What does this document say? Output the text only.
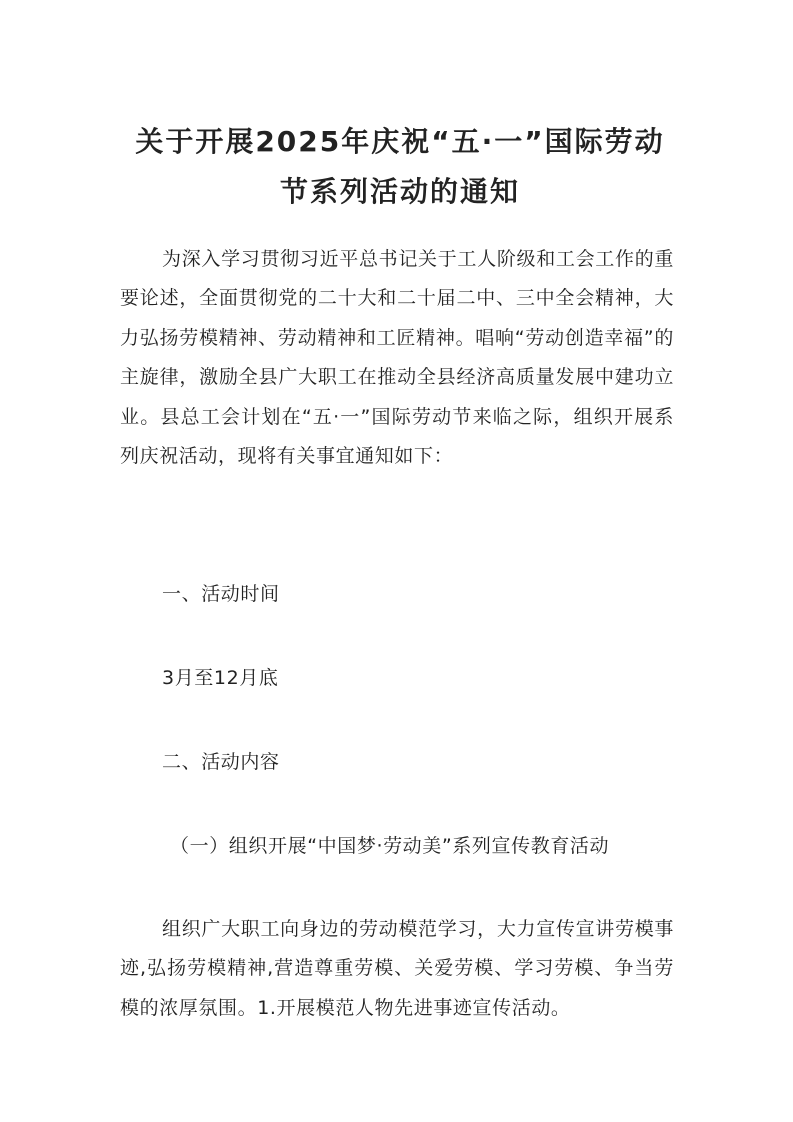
关于开展2025年庆祝“五·一”国际劳动
节系列活动的通知
为深入学习贯彻习近平总书记关于工人阶级和工会工作的重要论述，全面贯彻党的二十大和二十届二中、三中全会精神，大力弘扬劳模精神、劳动精神和工匠精神。唱响“劳动创造幸福”的主旋律，激励全县广大职工在推动全县经济高质量发展中建功立业。县总工会计划在“五·一”国际劳动节来临之际，组织开展系列庆祝活动，现将有关事宜通知如下：
一、活动时间
3月至12月底
二、活动内容
（一）组织开展“中国梦·劳动美”系列宣传教育活动
组织广大职工向身边的劳动模范学习，大力宣传宣讲劳模事迹,弘扬劳模精神,营造尊重劳模、关爱劳模、学习劳模、争当劳模的浓厚氛围。1.开展模范人物先进事迹宣传活动。
